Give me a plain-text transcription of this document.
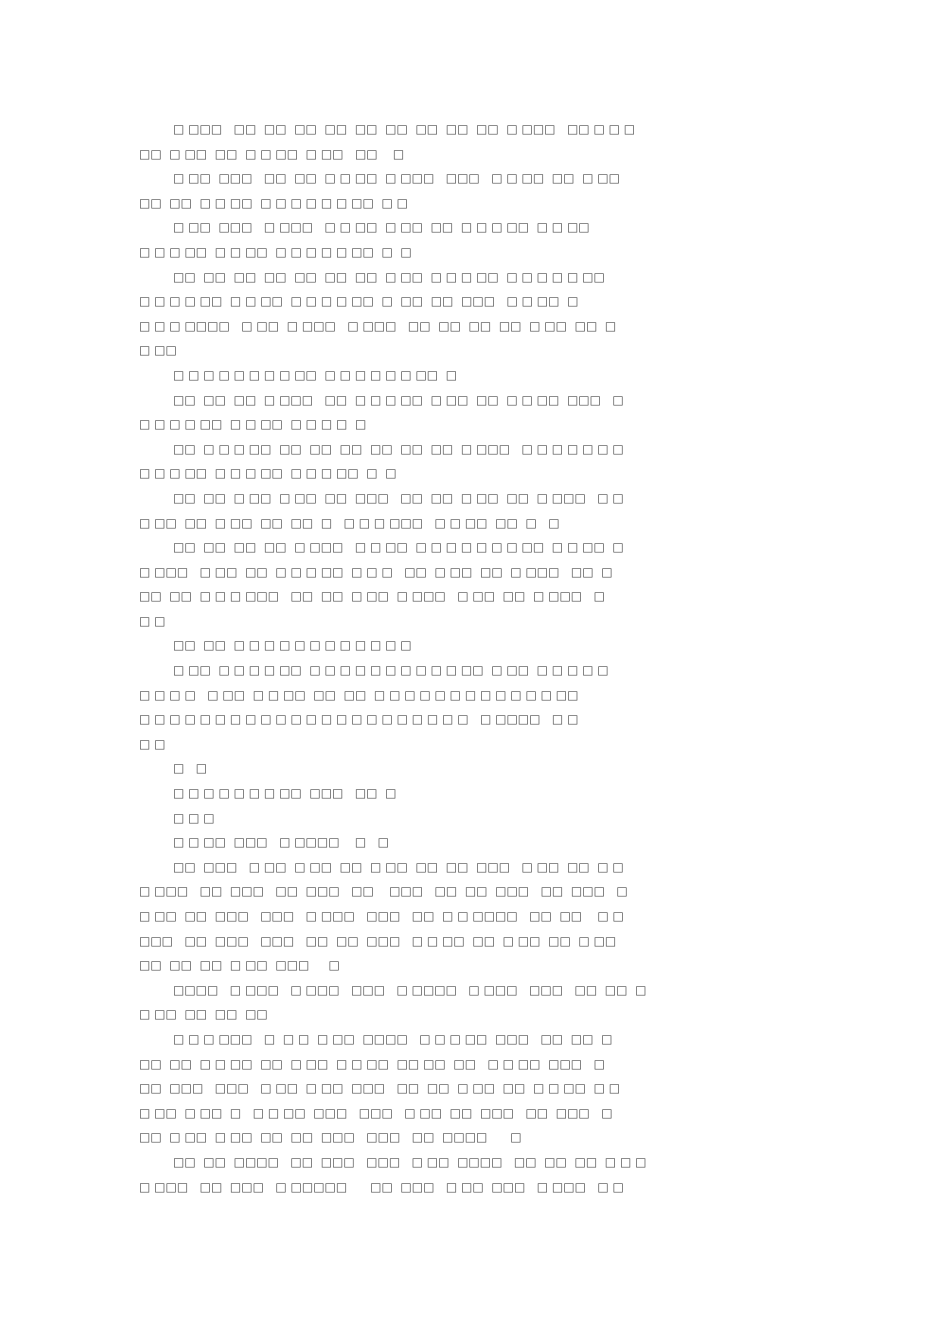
□ □□□   □□  □□  □□  □□  □□  □□  □□  □□  □□  □ □□□   □□ □ □ □
□□  □ □□  □□  □ □ □□  □ □□   □□    □
□ □□  □□□   □□  □□  □ □ □□  □ □□□   □□□   □ □ □□  □□  □ □□
□□  □□  □ □ □□  □ □ □ □ □ □ □□  □ □
□ □□  □□□   □ □□□   □ □ □□  □ □□  □□  □ □ □ □□  □ □ □□
□ □ □ □□  □ □ □□  □ □ □ □ □ □□  □  □
□□  □□  □□  □□  □□  □□  □□  □ □□  □ □ □ □□  □ □ □ □ □ □□
□ □ □ □ □□  □ □ □□  □ □ □ □ □□  □  □□  □□  □□□   □ □ □□  □
□ □ □ □□□□   □ □□  □ □□□   □ □□□   □□  □□  □□  □□  □ □□  □□  □
□ □□
□ □ □ □ □ □ □ □ □□  □ □ □ □ □ □ □□  □
□□  □□  □□  □ □□□   □□  □ □ □ □□  □ □□  □□  □ □ □□  □□□   □
□ □ □ □ □□  □ □ □□  □ □ □ □  □
□□  □ □ □ □□  □□  □□  □□  □□  □□  □□  □ □□□   □ □ □ □ □ □ □
□ □ □ □□  □ □ □ □□  □ □ □ □□  □  □
□□  □□  □ □□  □ □□  □□  □□□   □□  □□  □ □□  □□  □ □□□   □ □
□ □□  □□  □ □□  □□  □□  □   □ □ □ □□□   □ □ □□  □□  □   □
□□  □□  □□  □□  □ □□□   □ □ □□  □ □ □ □ □ □ □ □□  □ □ □□  □
□ □□□   □ □□  □□  □ □ □ □□  □ □ □   □□  □ □□  □□  □ □□□   □□  □
□□  □□  □ □ □ □□□   □□  □□  □ □□  □ □□□   □ □□  □□  □ □□□   □
□ □
□□  □□  □ □ □ □ □ □ □ □ □ □ □ □
□ □□  □ □ □ □ □□  □ □ □ □ □ □ □ □ □ □ □□  □ □□  □ □ □ □ □
□ □ □ □   □ □□  □ □ □□  □□  □□  □ □ □ □ □ □ □ □ □ □ □ □ □□
□ □ □ □ □ □ □ □ □ □ □ □ □ □ □ □ □ □ □ □ □ □   □ □□□□   □ □
□ □
□   □
□ □ □ □ □ □ □ □□  □□□   □□  □
□ □ □
□ □ □□  □□□   □ □□□□    □   □
□□  □□□   □ □□  □ □□  □□  □ □□  □□  □□  □□□   □ □□  □□  □ □
□ □□□   □□  □□□   □□  □□□   □□    □□□   □□  □□  □□□   □□  □□□   □
□ □□  □□  □□□   □□□   □ □□□   □□□   □□  □ □ □□□□   □□  □□    □ □
□□□   □□  □□□   □□□   □□  □□  □□□   □ □ □□  □□  □ □□  □□  □ □□
□□  □□  □□  □ □□  □□□     □
□□□□   □ □□□   □ □□□   □□□   □ □□□□   □ □□□   □□□   □□  □□  □
□ □□  □□  □□  □□
□ □ □ □□□   □  □ □  □ □□  □□□□   □ □ □ □□  □□□   □□  □□  □
□□  □□  □ □ □□  □□  □ □□  □ □ □□  □□ □□  □□   □ □ □□  □□□   □
□□  □□□   □□□   □ □□  □ □□  □□□   □□  □□  □ □□  □□  □ □ □□  □ □
□ □□  □ □□  □   □ □ □□  □□□   □□□   □ □□  □□  □□□   □□  □□□   □
□□  □ □□  □ □□  □□  □□  □□□   □□□   □□  □□□□      □
□□  □□  □□□□   □□  □□□   □□□   □ □□  □□□□   □□  □□  □□  □ □ □
□ □□□   □□  □□□   □ □□□□□      □□  □□□   □ □□  □□□   □ □□□   □ □
